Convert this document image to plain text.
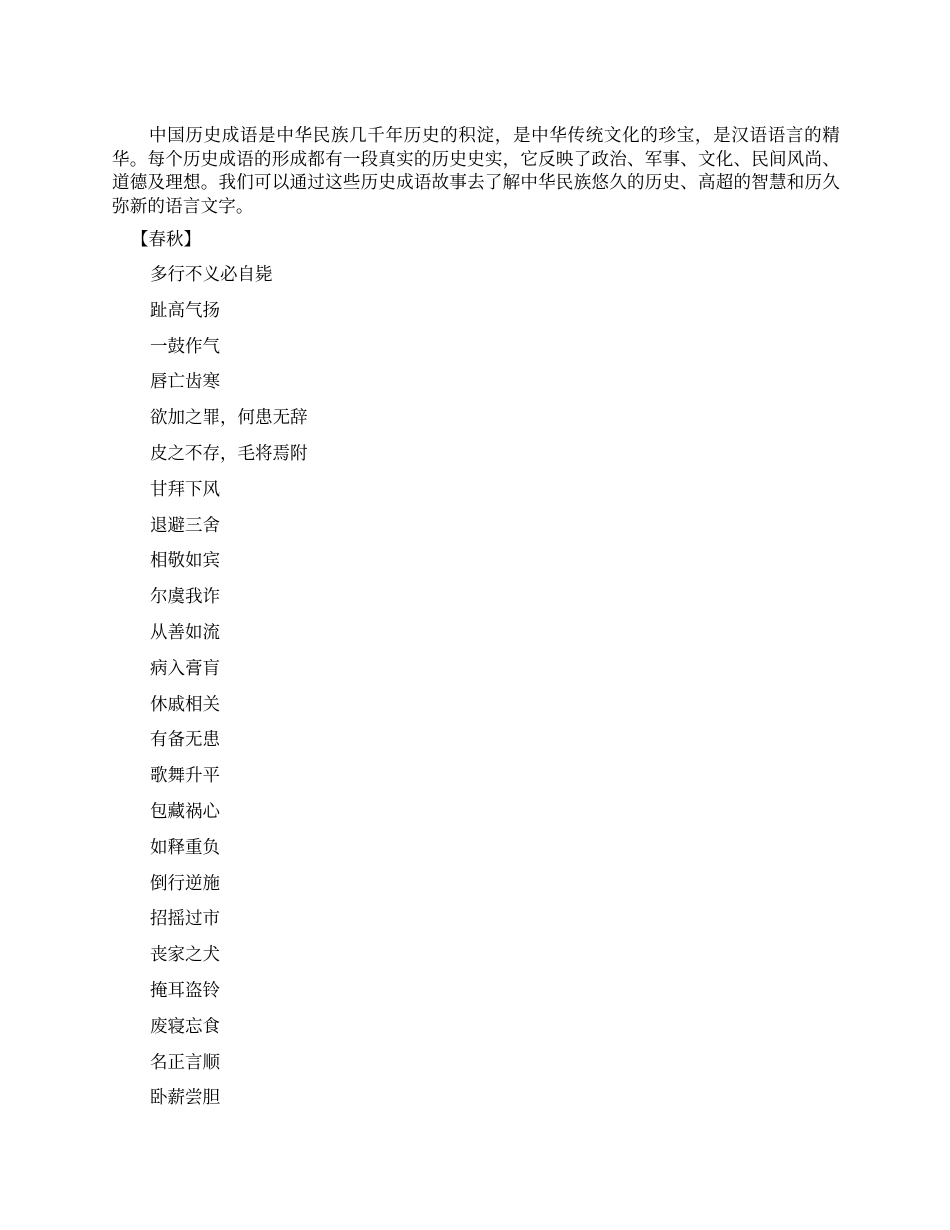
中国历史成语是中华民族几千年历史的积淀，是中华传统文化的珍宝，是汉语语言的精华。每个历史成语的形成都有一段真实的历史史实，它反映了政治、军事、文化、民间风尚、道德及理想。我们可以通过这些历史成语故事去了解中华民族悠久的历史、高超的智慧和历久弥新的语言文字。

【春秋】
多行不义必自毙
趾高气扬
一鼓作气
唇亡齿寒
欲加之罪，何患无辞
皮之不存，毛将焉附
甘拜下风
退避三舍
相敬如宾
尔虞我诈
从善如流
病入膏肓
休戚相关
有备无患
歌舞升平
包藏祸心
如释重负
倒行逆施
招摇过市
丧家之犬
掩耳盗铃
废寝忘食
名正言顺
卧薪尝胆
